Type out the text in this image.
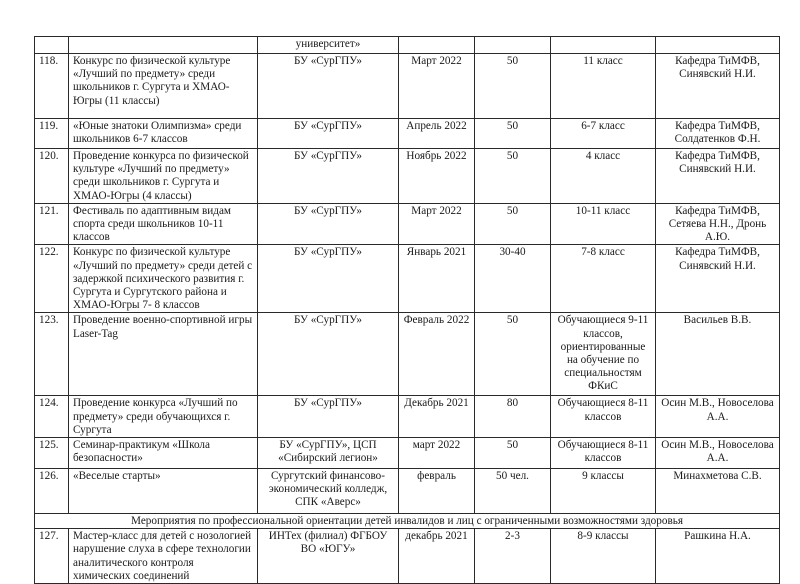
		университет»				
118.	Конкурс по физической культуре «Лучший по предмету» среди школьников г. Сургута и ХМАО-Югры (11 классы)	БУ «СурГПУ»	Март 2022	50	11 класс	Кафедра ТиМФВ, Синявский Н.И.
119.	«Юные знатоки Олимпизма» среди школьников 6-7 классов	БУ «СурГПУ»	Апрель 2022	50	6-7 класс	Кафедра ТиМФВ, Солдатенков Ф.Н.
120.	Проведение конкурса по физической культуре «Лучший по предмету» среди школьников г. Сургута и ХМАО-Югры (4 классы)	БУ «СурГПУ»	Ноябрь 2022	50	4 класс	Кафедра ТиМФВ, Синявский Н.И.
121.	Фестиваль по адаптивным видам спорта среди школьников 10-11 классов	БУ «СурГПУ»	Март 2022	50	10-11 класс	Кафедра ТиМФВ, Сетяева Н.Н., Дронь А.Ю.
122.	Конкурс по физической культуре «Лучший по предмету» среди детей с задержкой психического развития г. Сургута и Сургутского района и ХМАО-Югры 7- 8 классов	БУ «СурГПУ»	Январь 2021	30-40	7-8 класс	Кафедра ТиМФВ, Синявский Н.И.
123.	Проведение военно-спортивной игры Laser-Tag	БУ «СурГПУ»	Февраль 2022	50	Обучающиеся 9-11 классов, ориентированные на обучение по специальностям ФКиС	Васильев В.В.
124.	Проведение конкурса «Лучший по предмету» среди обучающихся г. Сургута	БУ «СурГПУ»	Декабрь 2021	80	Обучающиеся 8-11 классов	Осин М.В., Новоселова А.А.
125.	Семинар-практикум «Школа безопасности»	БУ «СурГПУ», ЦСП «Сибирский легион»	март 2022	50	Обучающиеся 8-11 классов	Осин М.В., Новоселова А.А.
126.	«Веселые старты»	Сургутский финансово-экономический колледж, СПК «Аверс»	февраль	50 чел.	9 классы	Минахметова С.В.
Мероприятия по профессиональной ориентации детей инвалидов и лиц с ограниченными возможностями здоровья						
127.	Мастер-класс для детей с нозологией нарушение слуха в сфере технологии аналитического контроля химических соединений	ИНТех (филиал) ФГБОУ ВО «ЮГУ»	декабрь 2021	2-3	8-9 классы	Рашкина Н.А.
